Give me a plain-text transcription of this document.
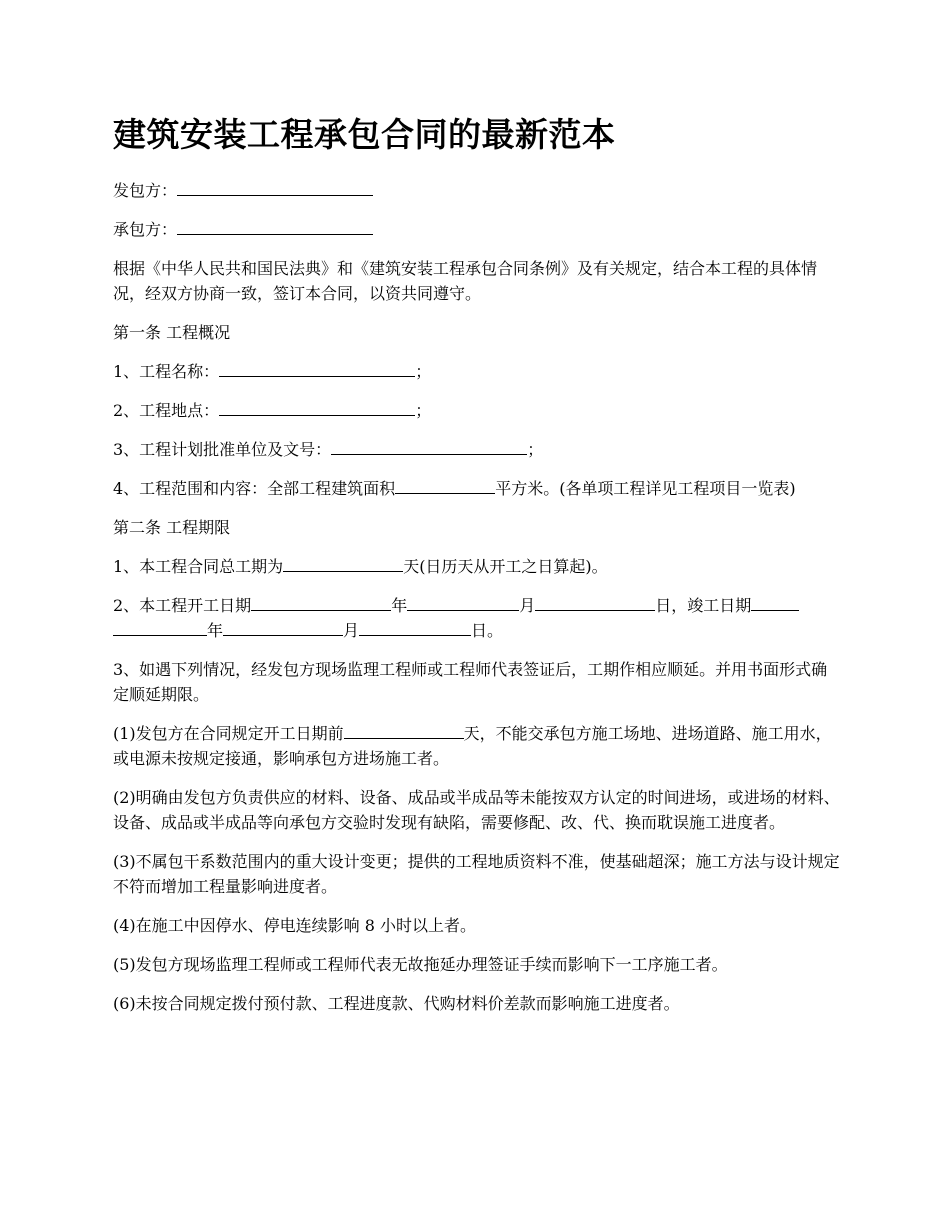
建筑安装工程承包合同的最新范本
发包方：
承包方：
根据《中华人民共和国民法典》和《建筑安装工程承包合同条例》及有关规定，结合本工程的具体情况，经双方协商一致，签订本合同，以资共同遵守。
第一条 工程概况
1、工程名称：	；
2、工程地点：	；
3、工程计划批准单位及文号：	；
4、工程范围和内容：全部工程建筑面积	平方米。(各单项工程详见工程项目一览表)
第二条 工程期限
1、本工程合同总工期为	天(日历天从开工之日算起)。
2、本工程开工日期	年	月	日，竣工日期年	月	日。
3、如遇下列情况，经发包方现场监理工程师或工程师代表签证后，工期作相应顺延。并用书面形式确定顺延期限。
(1)发包方在合同规定开工日期前	天，不能交承包方施工场地、进场道路、施工用水，或电源未按规定接通，影响承包方进场施工者。
(2)明确由发包方负责供应的材料、设备、成品或半成品等未能按双方认定的时间进场，或进场的材料、设备、成品或半成品等向承包方交验时发现有缺陷，需要修配、改、代、换而耽误施工进度者。
(3)不属包干系数范围内的重大设计变更；提供的工程地质资料不准，使基础超深；施工方法与设计规定不符而增加工程量影响进度者。
(4)在施工中因停水、停电连续影响 8 小时以上者。
(5)发包方现场监理工程师或工程师代表无故拖延办理签证手续而影响下一工序施工者。
(6)未按合同规定拨付预付款、工程进度款、代购材料价差款而影响施工进度者。
